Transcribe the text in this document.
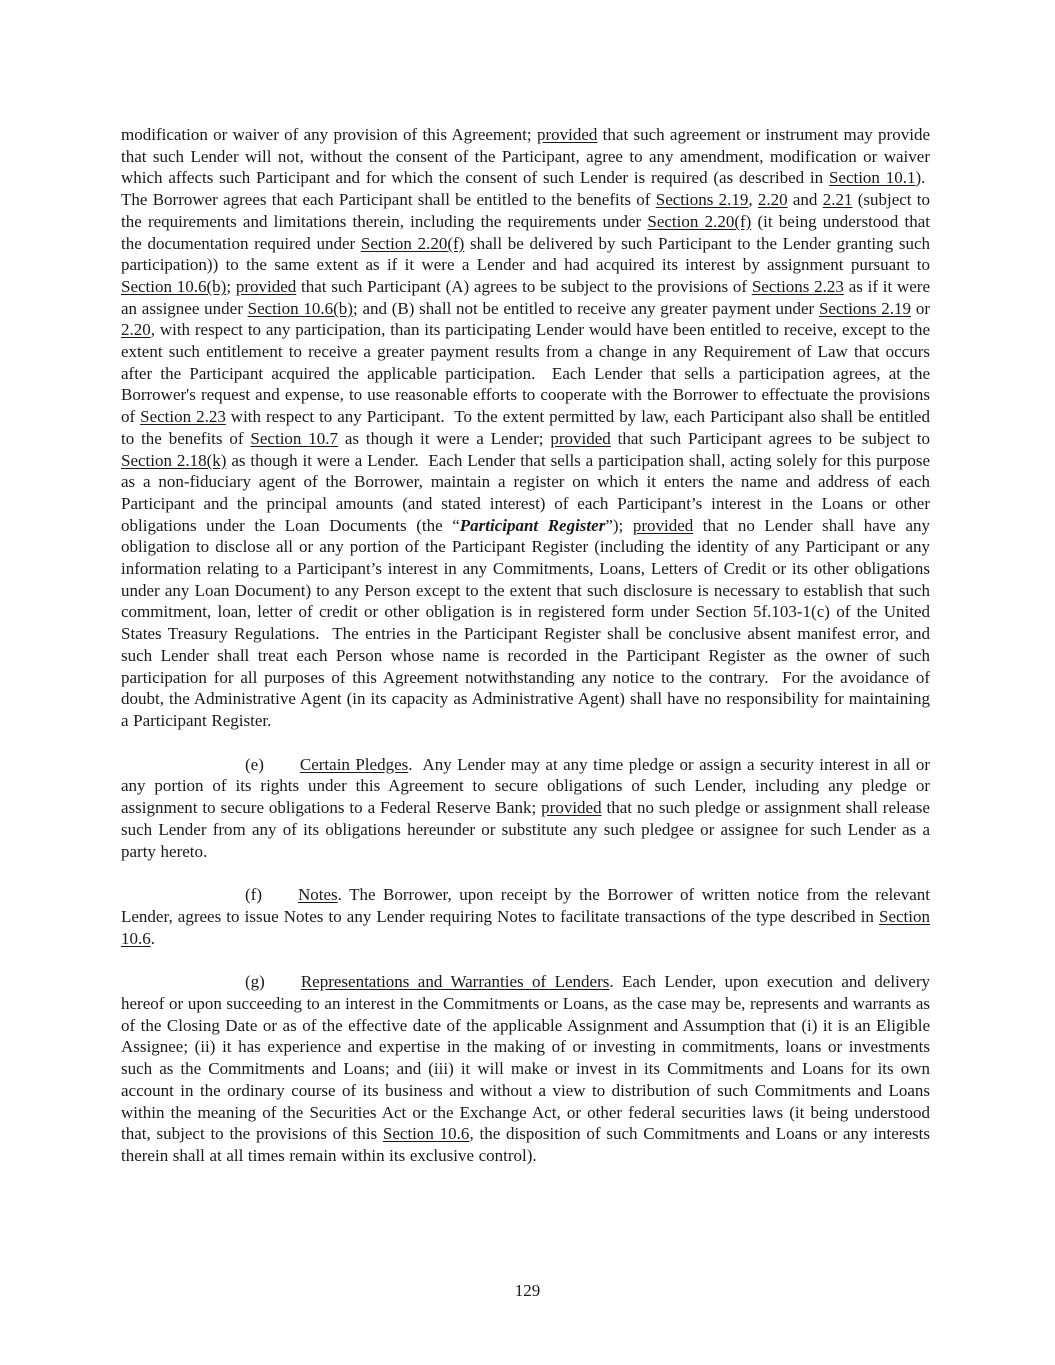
modification or waiver of any provision of this Agreement; provided that such agreement or instrument may provide that such Lender will not, without the consent of the Participant, agree to any amendment, modification or waiver which affects such Participant and for which the consent of such Lender is required (as described in Section 10.1).  The Borrower agrees that each Participant shall be entitled to the benefits of Sections 2.19, 2.20 and 2.21 (subject to the requirements and limitations therein, including the requirements under Section 2.20(f) (it being understood that the documentation required under Section 2.20(f) shall be delivered by such Participant to the Lender granting such participation)) to the same extent as if it were a Lender and had acquired its interest by assignment pursuant to Section 10.6(b); provided that such Participant (A) agrees to be subject to the provisions of Sections 2.23 as if it were an assignee under Section 10.6(b); and (B) shall not be entitled to receive any greater payment under Sections 2.19 or 2.20, with respect to any participation, than its participating Lender would have been entitled to receive, except to the extent such entitlement to receive a greater payment results from a change in any Requirement of Law that occurs after the Participant acquired the applicable participation.  Each Lender that sells a participation agrees, at the Borrower's request and expense, to use reasonable efforts to cooperate with the Borrower to effectuate the provisions of Section 2.23 with respect to any Participant.  To the extent permitted by law, each Participant also shall be entitled to the benefits of Section 10.7 as though it were a Lender; provided that such Participant agrees to be subject to Section 2.18(k) as though it were a Lender.  Each Lender that sells a participation shall, acting solely for this purpose as a non-fiduciary agent of the Borrower, maintain a register on which it enters the name and address of each Participant and the principal amounts (and stated interest) of each Participant’s interest in the Loans or other obligations under the Loan Documents (the “Participant Register”); provided that no Lender shall have any obligation to disclose all or any portion of the Participant Register (including the identity of any Participant or any information relating to a Participant’s interest in any Commitments, Loans, Letters of Credit or its other obligations under any Loan Document) to any Person except to the extent that such disclosure is necessary to establish that such commitment, loan, letter of credit or other obligation is in registered form under Section 5f.103-1(c) of the United States Treasury Regulations.  The entries in the Participant Register shall be conclusive absent manifest error, and such Lender shall treat each Person whose name is recorded in the Participant Register as the owner of such participation for all purposes of this Agreement notwithstanding any notice to the contrary.  For the avoidance of doubt, the Administrative Agent (in its capacity as Administrative Agent) shall have no responsibility for maintaining a Participant Register.

(e) Certain Pledges.  Any Lender may at any time pledge or assign a security interest in all or any portion of its rights under this Agreement to secure obligations of such Lender, including any pledge or assignment to secure obligations to a Federal Reserve Bank; provided that no such pledge or assignment shall release such Lender from any of its obligations hereunder or substitute any such pledgee or assignee for such Lender as a party hereto.

(f) Notes. The Borrower, upon receipt by the Borrower of written notice from the relevant Lender, agrees to issue Notes to any Lender requiring Notes to facilitate transactions of the type described in Section 10.6.

(g) Representations and Warranties of Lenders. Each Lender, upon execution and delivery hereof or upon succeeding to an interest in the Commitments or Loans, as the case may be, represents and warrants as of the Closing Date or as of the effective date of the applicable Assignment and Assumption that (i) it is an Eligible Assignee; (ii) it has experience and expertise in the making of or investing in commitments, loans or investments such as the Commitments and Loans; and (iii) it will make or invest in its Commitments and Loans for its own account in the ordinary course of its business and without a view to distribution of such Commitments and Loans within the meaning of the Securities Act or the Exchange Act, or other federal securities laws (it being understood that, subject to the provisions of this Section 10.6, the disposition of such Commitments and Loans or any interests therein shall at all times remain within its exclusive control).

129
